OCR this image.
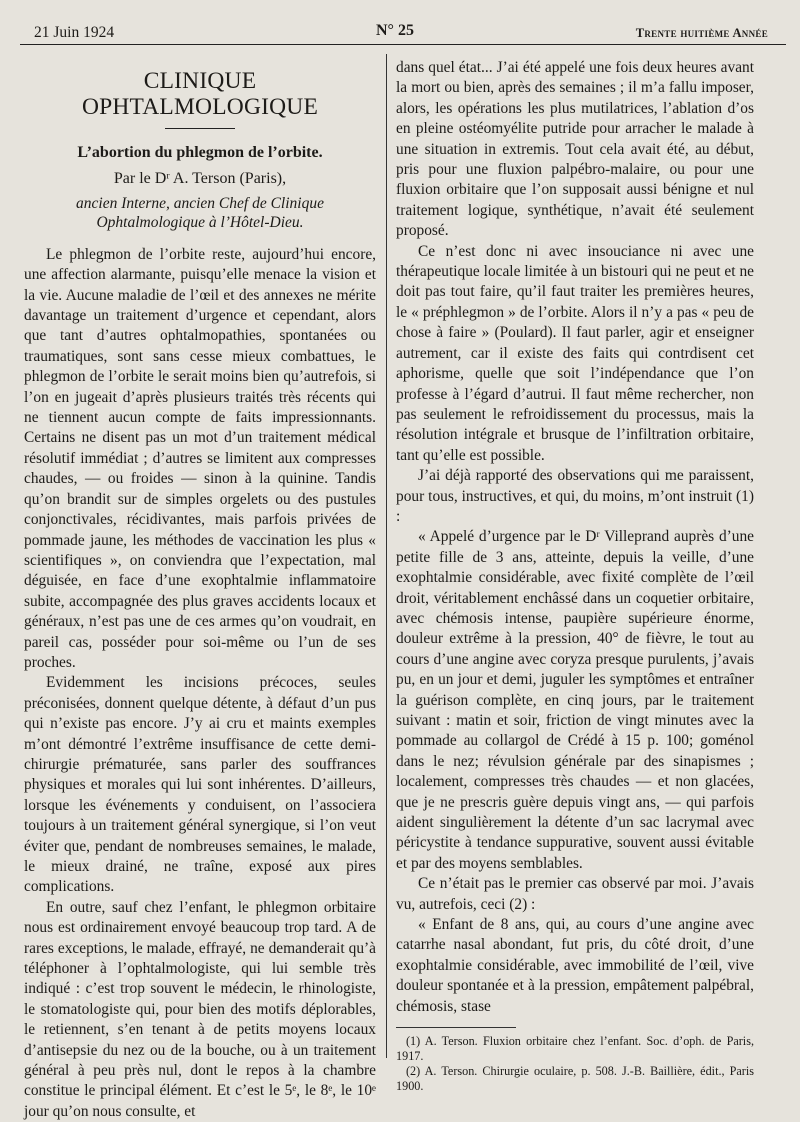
21 Juin 1924	N° 25	Trente huitième Année
CLINIQUE OPHTALMOLOGIQUE
L’abortion du phlegmon de l’orbite.
Par le Dʳ A. Terson (Paris),
ancien Interne, ancien Chef de Clinique Ophtalmologique à l’Hôtel-Dieu.

Le phlegmon de l’orbite reste, aujourd’hui encore, une affection alarmante, puisqu’elle menace la vision et la vie. Aucune maladie de l’œil et des annexes ne mérite davantage un traitement d’urgence et cependant, alors que tant d’autres ophtalmopathies, spontanées ou traumatiques, sont sans cesse mieux combattues, le phlegmon de l’orbite le serait moins bien qu’autrefois, si l’on en jugeait d’après plusieurs traités très récents qui ne tiennent aucun compte de faits impressionnants. Certains ne disent pas un mot d’un traitement médical résolutif immédiat ; d’autres se limitent aux compresses chaudes, — ou froides — sinon à la quinine. Tandis qu’on brandit sur de simples orgelets ou des pustules conjonctivales, récidivantes, mais parfois privées de pommade jaune, les méthodes de vaccination les plus « scientifiques », on conviendra que l’expectation, mal déguisée, en face d’une exophtalmie inflammatoire subite, accompagnée des plus graves accidents locaux et généraux, n’est pas une de ces armes qu’on voudrait, en pareil cas, posséder pour soi-même ou l’un de ses proches.

Evidemment les incisions précoces, seules préconisées, donnent quelque détente, à défaut d’un pus qui n’existe pas encore. J’y ai cru et maints exemples m’ont démontré l’extrême insuffisance de cette demi-chirurgie prématurée, sans parler des souffrances physiques et morales qui lui sont inhérentes. D’ailleurs, lorsque les événements y conduisent, on l’associera toujours à un traitement général synergique, si l’on veut éviter que, pendant de nombreuses semaines, le malade, le mieux drainé, ne traîne, exposé aux pires complications.

En outre, sauf chez l’enfant, le phlegmon orbitaire nous est ordinairement envoyé beaucoup trop tard. A de rares exceptions, le malade, effrayé, ne demanderait qu’à téléphoner à l’ophtalmologiste, qui lui semble très indiqué : c’est trop souvent le médecin, le rhinologiste, le stomatologiste qui, pour bien des motifs déplorables, le retiennent, s’en tenant à de petits moyens locaux d’antisepsie du nez ou de la bouche, ou à un traitement général à peu près nul, dont le repos à la chambre constitue le principal élément. Et c’est le 5ᵉ, le 8ᵉ, le 10ᵉ jour qu’on nous consulte, et

dans quel état... J’ai été appelé une fois deux heures avant la mort ou bien, après des semaines ; il m’a fallu imposer, alors, les opérations les plus mutilatrices, l’ablation d’os en pleine ostéomyélite putride pour arracher le malade à une situation in extremis. Tout cela avait été, au début, pris pour une fluxion palpébro-malaire, ou pour une fluxion orbitaire que l’on supposait aussi bénigne et nul traitement logique, synthétique, n’avait été seulement proposé.

Ce n’est donc ni avec insouciance ni avec une thérapeutique locale limitée à un bistouri qui ne peut et ne doit pas tout faire, qu’il faut traiter les premières heures, le « préphlegmon » de l’orbite. Alors il n’y a pas « peu de chose à faire » (Poulard). Il faut parler, agir et enseigner autrement, car il existe des faits qui contrdisent cet aphorisme, quelle que soit l’indépendance que l’on professe à l’égard d’autrui. Il faut même rechercher, non pas seulement le refroidissement du processus, mais la résolution intégrale et brusque de l’infiltration orbitaire, tant qu’elle est possible.

J’ai déjà rapporté des observations qui me paraissent, pour tous, instructives, et qui, du moins, m’ont instruit (1) :

« Appelé d’urgence par le Dʳ Villeprand auprès d’une petite fille de 3 ans, atteinte, depuis la veille, d’une exophtalmie considérable, avec fixité complète de l’œil droit, véritablement enchâssé dans un coquetier orbitaire, avec chémosis intense, paupière supérieure énorme, douleur extrême à la pression, 40° de fièvre, le tout au cours d’une angine avec coryza presque purulents, j’avais pu, en un jour et demi, juguler les symptômes et entraîner la guérison complète, en cinq jours, par le traitement suivant : matin et soir, friction de vingt minutes avec la pommade au collargol de Crédé à 15 p. 100; goménol dans le nez; révulsion générale par des sinapismes ; localement, compresses très chaudes — et non glacées, que je ne prescris guère depuis vingt ans, — qui parfois aident singulièrement la détente d’un sac lacrymal avec péricystite à tendance suppurative, souvent aussi évitable et par des moyens semblables.

Ce n’était pas le premier cas observé par moi. J’avais vu, autrefois, ceci (2) :

« Enfant de 8 ans, qui, au cours d’une angine avec catarrhe nasal abondant, fut pris, du côté droit, d’une exophtalmie considérable, avec immobilité de l’œil, vive douleur spontanée et à la pression, empâtement palpébral, chémosis, stase

(1) A. Terson. Fluxion orbitaire chez l’enfant. Soc. d’oph. de Paris, 1917.
(2) A. Terson. Chirurgie oculaire, p. 508. J.-B. Baillière, édit., Paris 1900.
